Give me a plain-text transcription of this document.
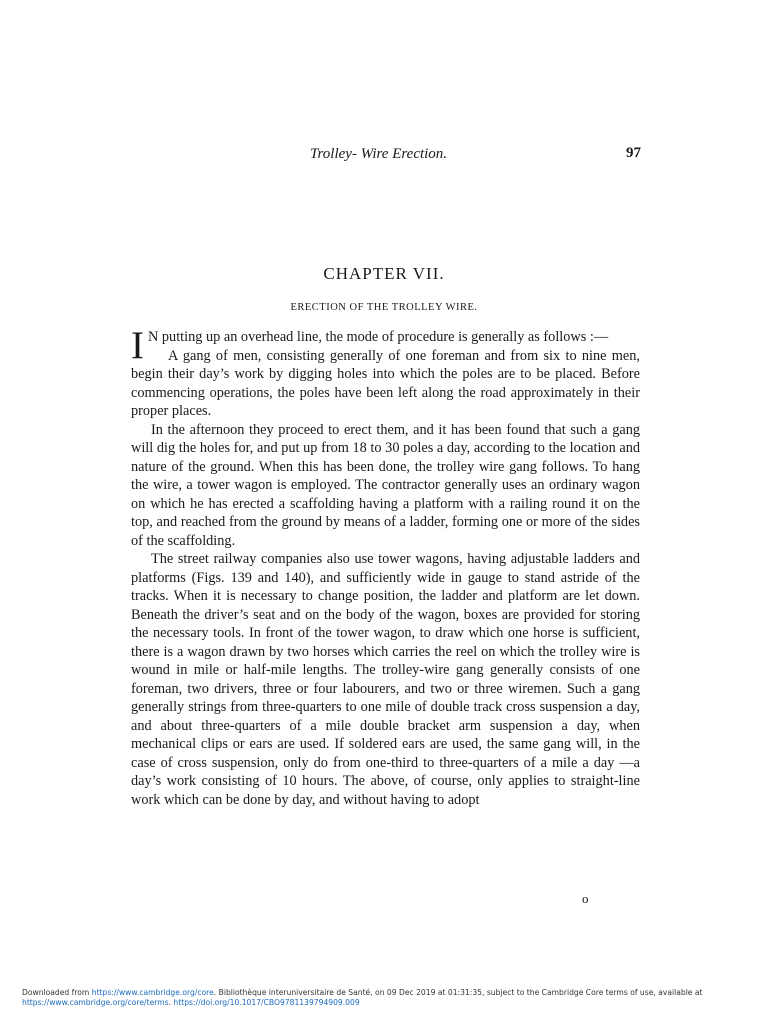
Trolley- Wire Erection.	97
CHAPTER VII.
ERECTION OF THE TROLLEY WIRE.

I N putting up an overhead line, the mode of procedure is generally as follows :—

A gang of men, consisting generally of one foreman and from six to nine men, begin their day’s work by digging holes into which the poles are to be placed. Before commencing operations, the poles have been left along the road approximately in their proper places.

In the afternoon they proceed to erect them, and it has been found that such a gang will dig the holes for, and put up from 18 to 30 poles a day, according to the location and nature of the ground. When this has been done, the trolley wire gang follows. To hang the wire, a tower wagon is employed. The contractor generally uses an ordinary wagon on which he has erected a scaffolding having a platform with a railing round it on the top, and reached from the ground by means of a ladder, forming one or more of the sides of the scaffolding.

The street railway companies also use tower wagons, having adjustable ladders and platforms (Figs. 139 and 140), and sufficiently wide in gauge to stand astride of the tracks. When it is necessary to change position, the ladder and platform are let down. Beneath the driver’s seat and on the body of the wagon, boxes are provided for storing the necessary tools. In front of the tower wagon, to draw which one horse is sufficient, there is a wagon drawn by two horses which carries the reel on which the trolley wire is wound in mile or half-mile lengths. The trolley-wire gang generally consists of one foreman, two drivers, three or four labourers, and two or three wiremen. Such a gang generally strings from three-quarters to one mile of double track cross suspension a day, and about three-quarters of a mile double bracket arm suspension a day, when mechanical clips or ears are used. If soldered ears are used, the same gang will, in the case of cross suspension, only do from one-third to three-quarters of a mile a day —a day’s work consisting of 10 hours. The above, of course, only applies to straight-line work which can be done by day, and without having to adopt

o
Downloaded from https://www.cambridge.org/core. Bibliothèque interuniversitaire de Santé, on 09 Dec 2019 at 01:31:35, subject to the Cambridge Core terms of use, available at https://www.cambridge.org/core/terms. https://doi.org/10.1017/CBO9781139794909.009
